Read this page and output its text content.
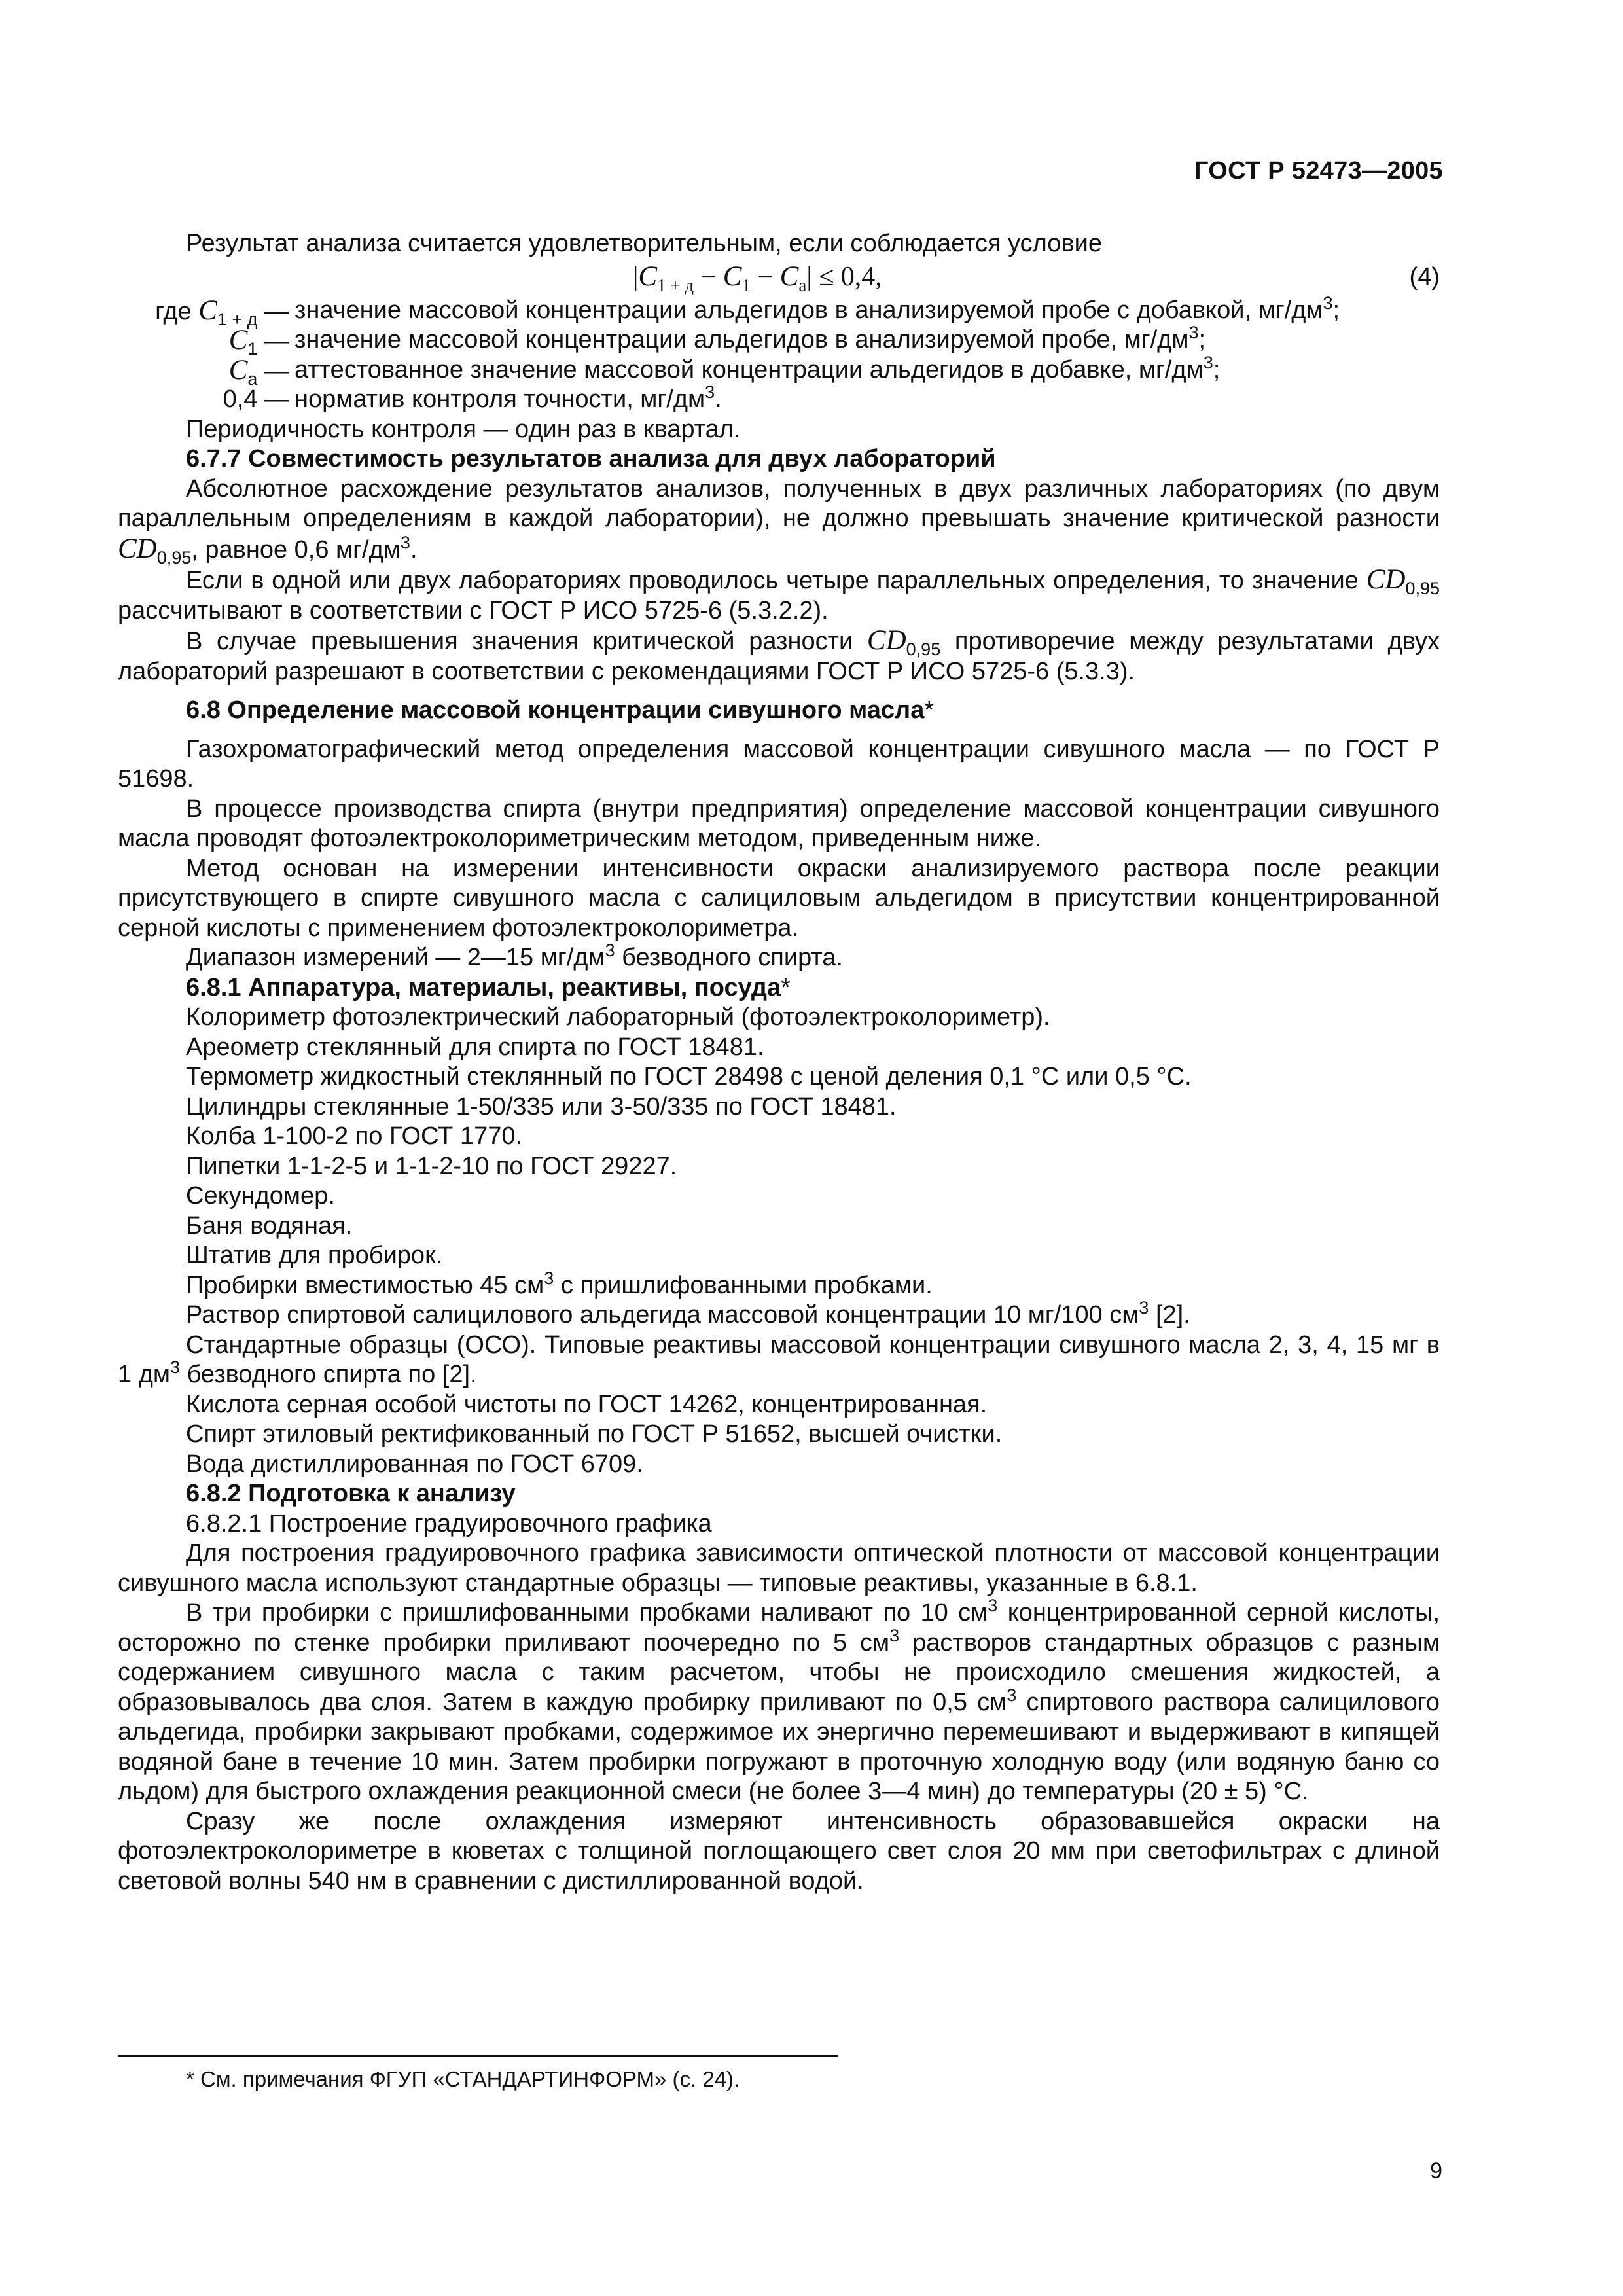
ГОСТ Р 52473—2005

Результат анализа считается удовлетворительным, если соблюдается условие

$|C_{1 + д} - C_1 - C_a| \le 0,4$,	(4)
где $C_{1 + д}$ — значение массовой концентрации альдегидов в анализируемой пробе с добавкой, $мг/дм^3$;
$C_1$ — значение массовой концентрации альдегидов в анализируемой пробе, $мг/дм^3$;
$C_а$ — аттестованное значение массовой концентрации альдегидов в добавке, $мг/дм^3$;
0,4 — норматив контроля точности, $мг/дм^3$.

Периодичность контроля — один раз в квартал.

6.7.7 Совместимость результатов анализа для двух лабораторий

Абсолютное расхождение результатов анализов, полученных в двух различных лабораториях (по двум параллельным определениям в каждой лаборатории), не должно превышать значение критической разности $CD_{0,95}$, равное 0,6 $мг/дм^3$.

Если в одной или двух лабораториях проводилось четыре параллельных определения, то значение $CD_{0,95}$ рассчитывают в соответствии с ГОСТ Р ИСО 5725-6 (5.3.2.2).

В случае превышения значения критической разности $CD_{0,95}$ противоречие между результатами двух лабораторий разрешают в соответствии с рекомендациями ГОСТ Р ИСО 5725-6 (5.3.3).

6.8 Определение массовой концентрации сивушного масла*

Газохроматографический метод определения массовой концентрации сивушного масла — по ГОСТ Р 51698.

В процессе производства спирта (внутри предприятия) определение массовой концентрации сивушного масла проводят фотоэлектроколориметрическим методом, приведенным ниже.

Метод основан на измерении интенсивности окраски анализируемого раствора после реакции присутствующего в спирте сивушного масла с салициловым альдегидом в присутствии концентрированной серной кислоты с применением фотоэлектроколориметра.

Диапазон измерений — 2—15 $мг/дм^3$ безводного спирта.

6.8.1 Аппаратура, материалы, реактивы, посуда*

Колориметр фотоэлектрический лабораторный (фотоэлектроколориметр).

Ареометр стеклянный для спирта по ГОСТ 18481.

Термометр жидкостный стеклянный по ГОСТ 28498 с ценой деления 0,1 °С или 0,5 °С.

Цилиндры стеклянные 1-50/335 или 3-50/335 по ГОСТ 18481.

Колба 1-100-2 по ГОСТ 1770.

Пипетки 1-1-2-5 и 1-1-2-10 по ГОСТ 29227.

Секундомер.

Баня водяная.

Штатив для пробирок.

Пробирки вместимостью 45 $см^3$ с пришлифованными пробками.

Раствор спиртовой салицилового альдегида массовой концентрации 10 мг/100 $см^3$ [2].

Стандартные образцы (ОСО). Типовые реактивы массовой концентрации сивушного масла 2, 3, 4, 15 мг в 1 $дм^3$ безводного спирта по [2].

Кислота серная особой чистоты по ГОСТ 14262, концентрированная.

Спирт этиловый ректификованный по ГОСТ Р 51652, высшей очистки.

Вода дистиллированная по ГОСТ 6709.

6.8.2 Подготовка к анализу

6.8.2.1 Построение градуировочного графика

Для построения градуировочного графика зависимости оптической плотности от массовой концентрации сивушного масла используют стандартные образцы — типовые реактивы, указанные в 6.8.1.

В три пробирки с пришлифованными пробками наливают по 10 $см^3$ концентрированной серной кислоты, осторожно по стенке пробирки приливают поочередно по 5 $см^3$ растворов стандартных образцов с разным содержанием сивушного масла с таким расчетом, чтобы не происходило смешения жидкостей, а образовывалось два слоя. Затем в каждую пробирку приливают по 0,5 $см^3$ спиртового раствора салицилового альдегида, пробирки закрывают пробками, содержимое их энергично перемешивают и выдерживают в кипящей водяной бане в течение 10 мин. Затем пробирки погружают в проточную холодную воду (или водяную баню со льдом) для быстрого охлаждения реакционной смеси (не более 3—4 мин) до температуры (20 ± 5) °С.

Сразу же после охлаждения измеряют интенсивность образовавшейся окраски на фотоэлектроколориметре в кюветах с толщиной поглощающего свет слоя 20 мм при светофильтрах с длиной световой волны 540 нм в сравнении с дистиллированной водой.

* См. примечания ФГУП «СТАНДАРТИНФОРМ» (с. 24).
9
